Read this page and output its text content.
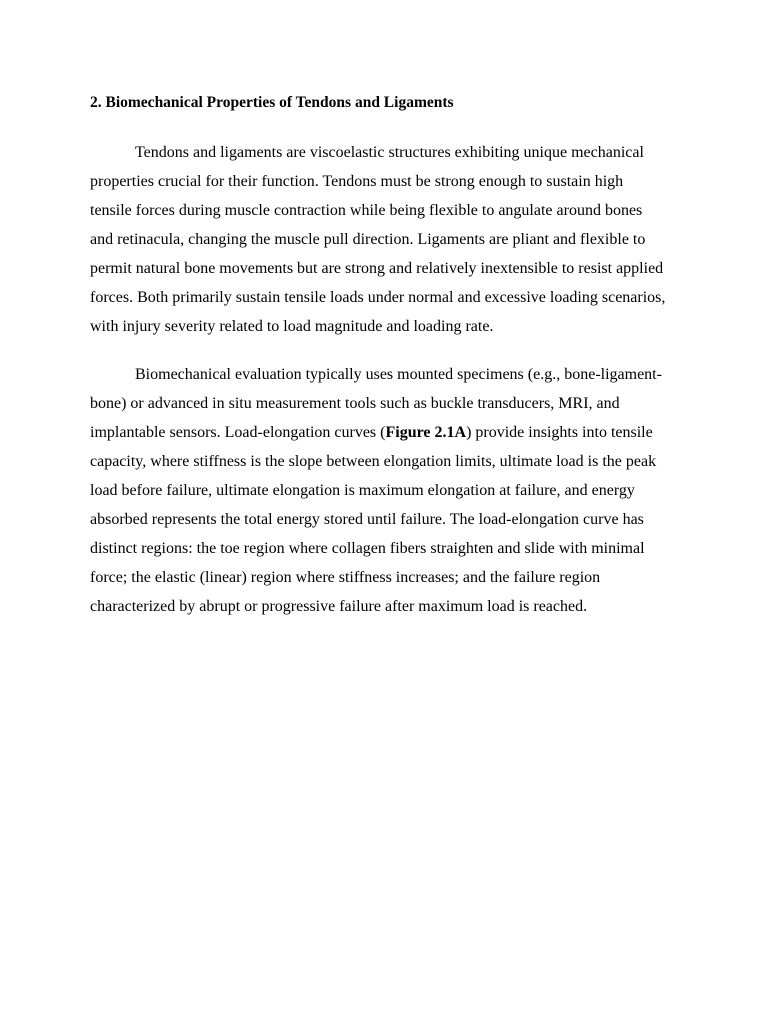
2. Biomechanical Properties of Tendons and Ligaments
Tendons and ligaments are viscoelastic structures exhibiting unique mechanical
properties crucial for their function. Tendons must be strong enough to sustain high
tensile forces during muscle contraction while being flexible to angulate around bones
and retinacula, changing the muscle pull direction. Ligaments are pliant and flexible to
permit natural bone movements but are strong and relatively inextensible to resist applied
forces. Both primarily sustain tensile loads under normal and excessive loading scenarios,
with injury severity related to load magnitude and loading rate.
Biomechanical evaluation typically uses mounted specimens (e.g., bone-ligament-
bone) or advanced in situ measurement tools such as buckle transducers, MRI, and
implantable sensors. Load-elongation curves (Figure 2.1A) provide insights into tensile
capacity, where stiffness is the slope between elongation limits, ultimate load is the peak
load before failure, ultimate elongation is maximum elongation at failure, and energy
absorbed represents the total energy stored until failure. The load-elongation curve has
distinct regions: the toe region where collagen fibers straighten and slide with minimal
force; the elastic (linear) region where stiffness increases; and the failure region
characterized by abrupt or progressive failure after maximum load is reached.
